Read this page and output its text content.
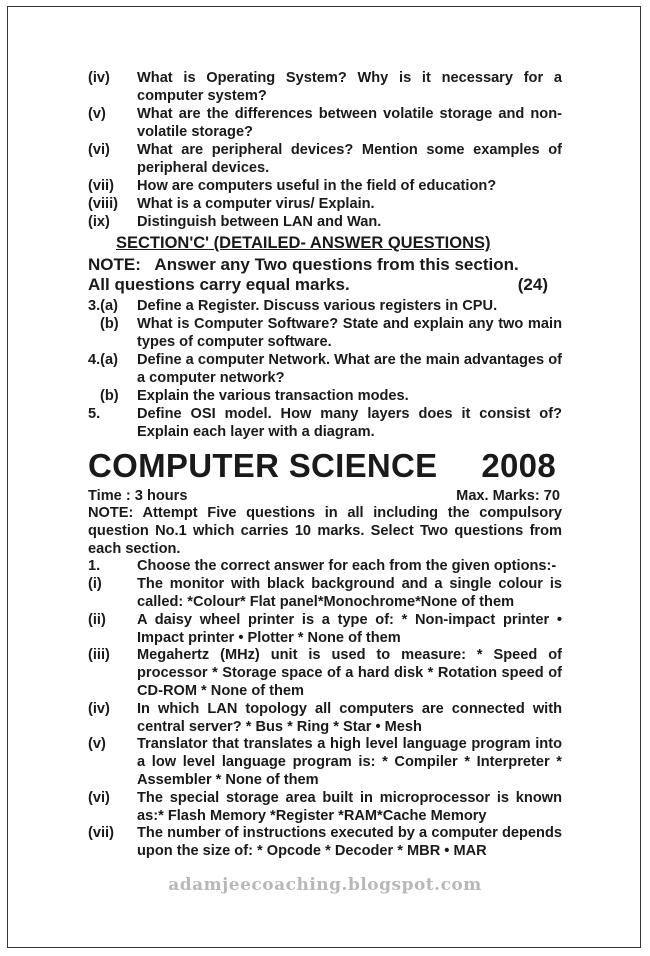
(iv)	What is Operating System? Why is it necessary for a computer system?
(v)	What are the differences between volatile storage and non-volatile storage?
(vi)	What are peripheral devices? Mention some examples of peripheral devices.
(vii)	How are computers useful in the field of education?
(viii)	What is a computer virus/ Explain.
(ix)	Distinguish between LAN and Wan.
SECTION'C' (DETAILED- ANSWER QUESTIONS)
NOTE:   Answer any Two questions from this section.
All questions carry equal marks.	(24)
3.(a)	Define a Register. Discuss various registers in CPU.
(b)	What is Computer Software? State and explain any two main types of computer software.
4.(a)	Define a computer Network. What are the main advantages of a computer network?
(b)	Explain the various transaction modes.
5.	Define OSI model. How many layers does it consist of? Explain each layer with a diagram.
COMPUTER SCIENCE 2008
Time : 3 hours	Max. Marks: 70
NOTE: Attempt Five questions in all including the compulsory question No.1 which carries 10 marks. Select Two questions from each section.
1.	Choose the correct answer for each from the given options:-
(i)	The monitor with black background and a single colour is called: *Colour* Flat panel*Monochrome*None of them
(ii)	A daisy wheel printer is a type of: * Non-impact printer • Impact printer • Plotter * None of them
(iii)	Megahertz (MHz) unit is used to measure: * Speed of processor * Storage space of a hard disk * Rotation speed of CD-ROM * None of them
(iv)	In which LAN topology all computers are connected with central server? * Bus * Ring * Star • Mesh
(v)	Translator that translates a high level language program into a low level language program is: * Compiler * Interpreter * Assembler * None of them
(vi)	The special storage area built in microprocessor is known as:* Flash Memory *Register *RAM*Cache Memory
(vii)	The number of instructions executed by a computer depends upon the size of: * Opcode * Decoder * MBR • MAR
adamjeecoaching.blogspot.com
